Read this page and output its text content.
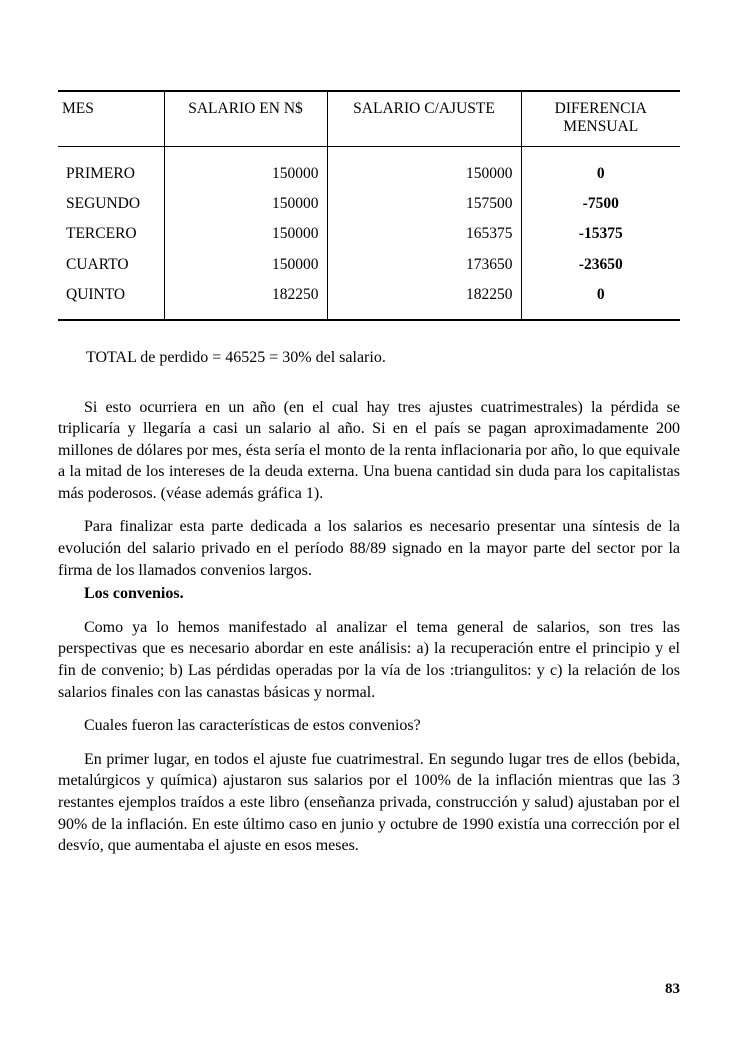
MES	SALARIO EN N$	SALARIO C/AJUSTE	DIFERENCIA
MENSUAL
PRIMERO	150000	150000	0
SEGUNDO	150000	157500	-7500
TERCERO	150000	165375	-15375
CUARTO	150000	173650	-23650
QUINTO	182250	182250	0
TOTAL de perdido = 46525 = 30% del salario.

Si esto ocurriera en un año (en el cual hay tres ajustes cuatrimestrales) la pérdida se triplicaría y llegaría a casi un salario al año. Si en el país se pagan aproximadamente 200 millones de dólares por mes, ésta sería el monto de la renta inflacionaria por año, lo que equivale a la mitad de los intereses de la deuda externa. Una buena cantidad sin duda para los capitalistas más poderosos. (véase además gráfica 1).

Para finalizar esta parte dedicada a los salarios es necesario presentar una síntesis de la evolución del salario privado en el período 88/89 signado en la mayor parte del sector por la firma de los llamados convenios largos.

Los convenios.

Como ya lo hemos manifestado al analizar el tema general de salarios, son tres las perspectivas que es necesario abordar en este análisis: a) la recuperación entre el principio y el fin de convenio; b) Las pérdidas operadas por la vía de los :triangulitos: y c) la relación de los salarios finales con las canastas básicas y normal.

Cuales fueron las características de estos convenios?

En primer lugar, en todos el ajuste fue cuatrimestral. En segundo lugar tres de ellos (bebida, metalúrgicos y química) ajustaron sus salarios por el 100% de la inflación mientras que las 3 restantes ejemplos traídos a este libro (enseñanza privada, construcción y salud) ajustaban por el 90% de la inflación. En este último caso en junio y octubre de 1990 existía una corrección por el desvío, que aumentaba el ajuste en esos meses.

83
